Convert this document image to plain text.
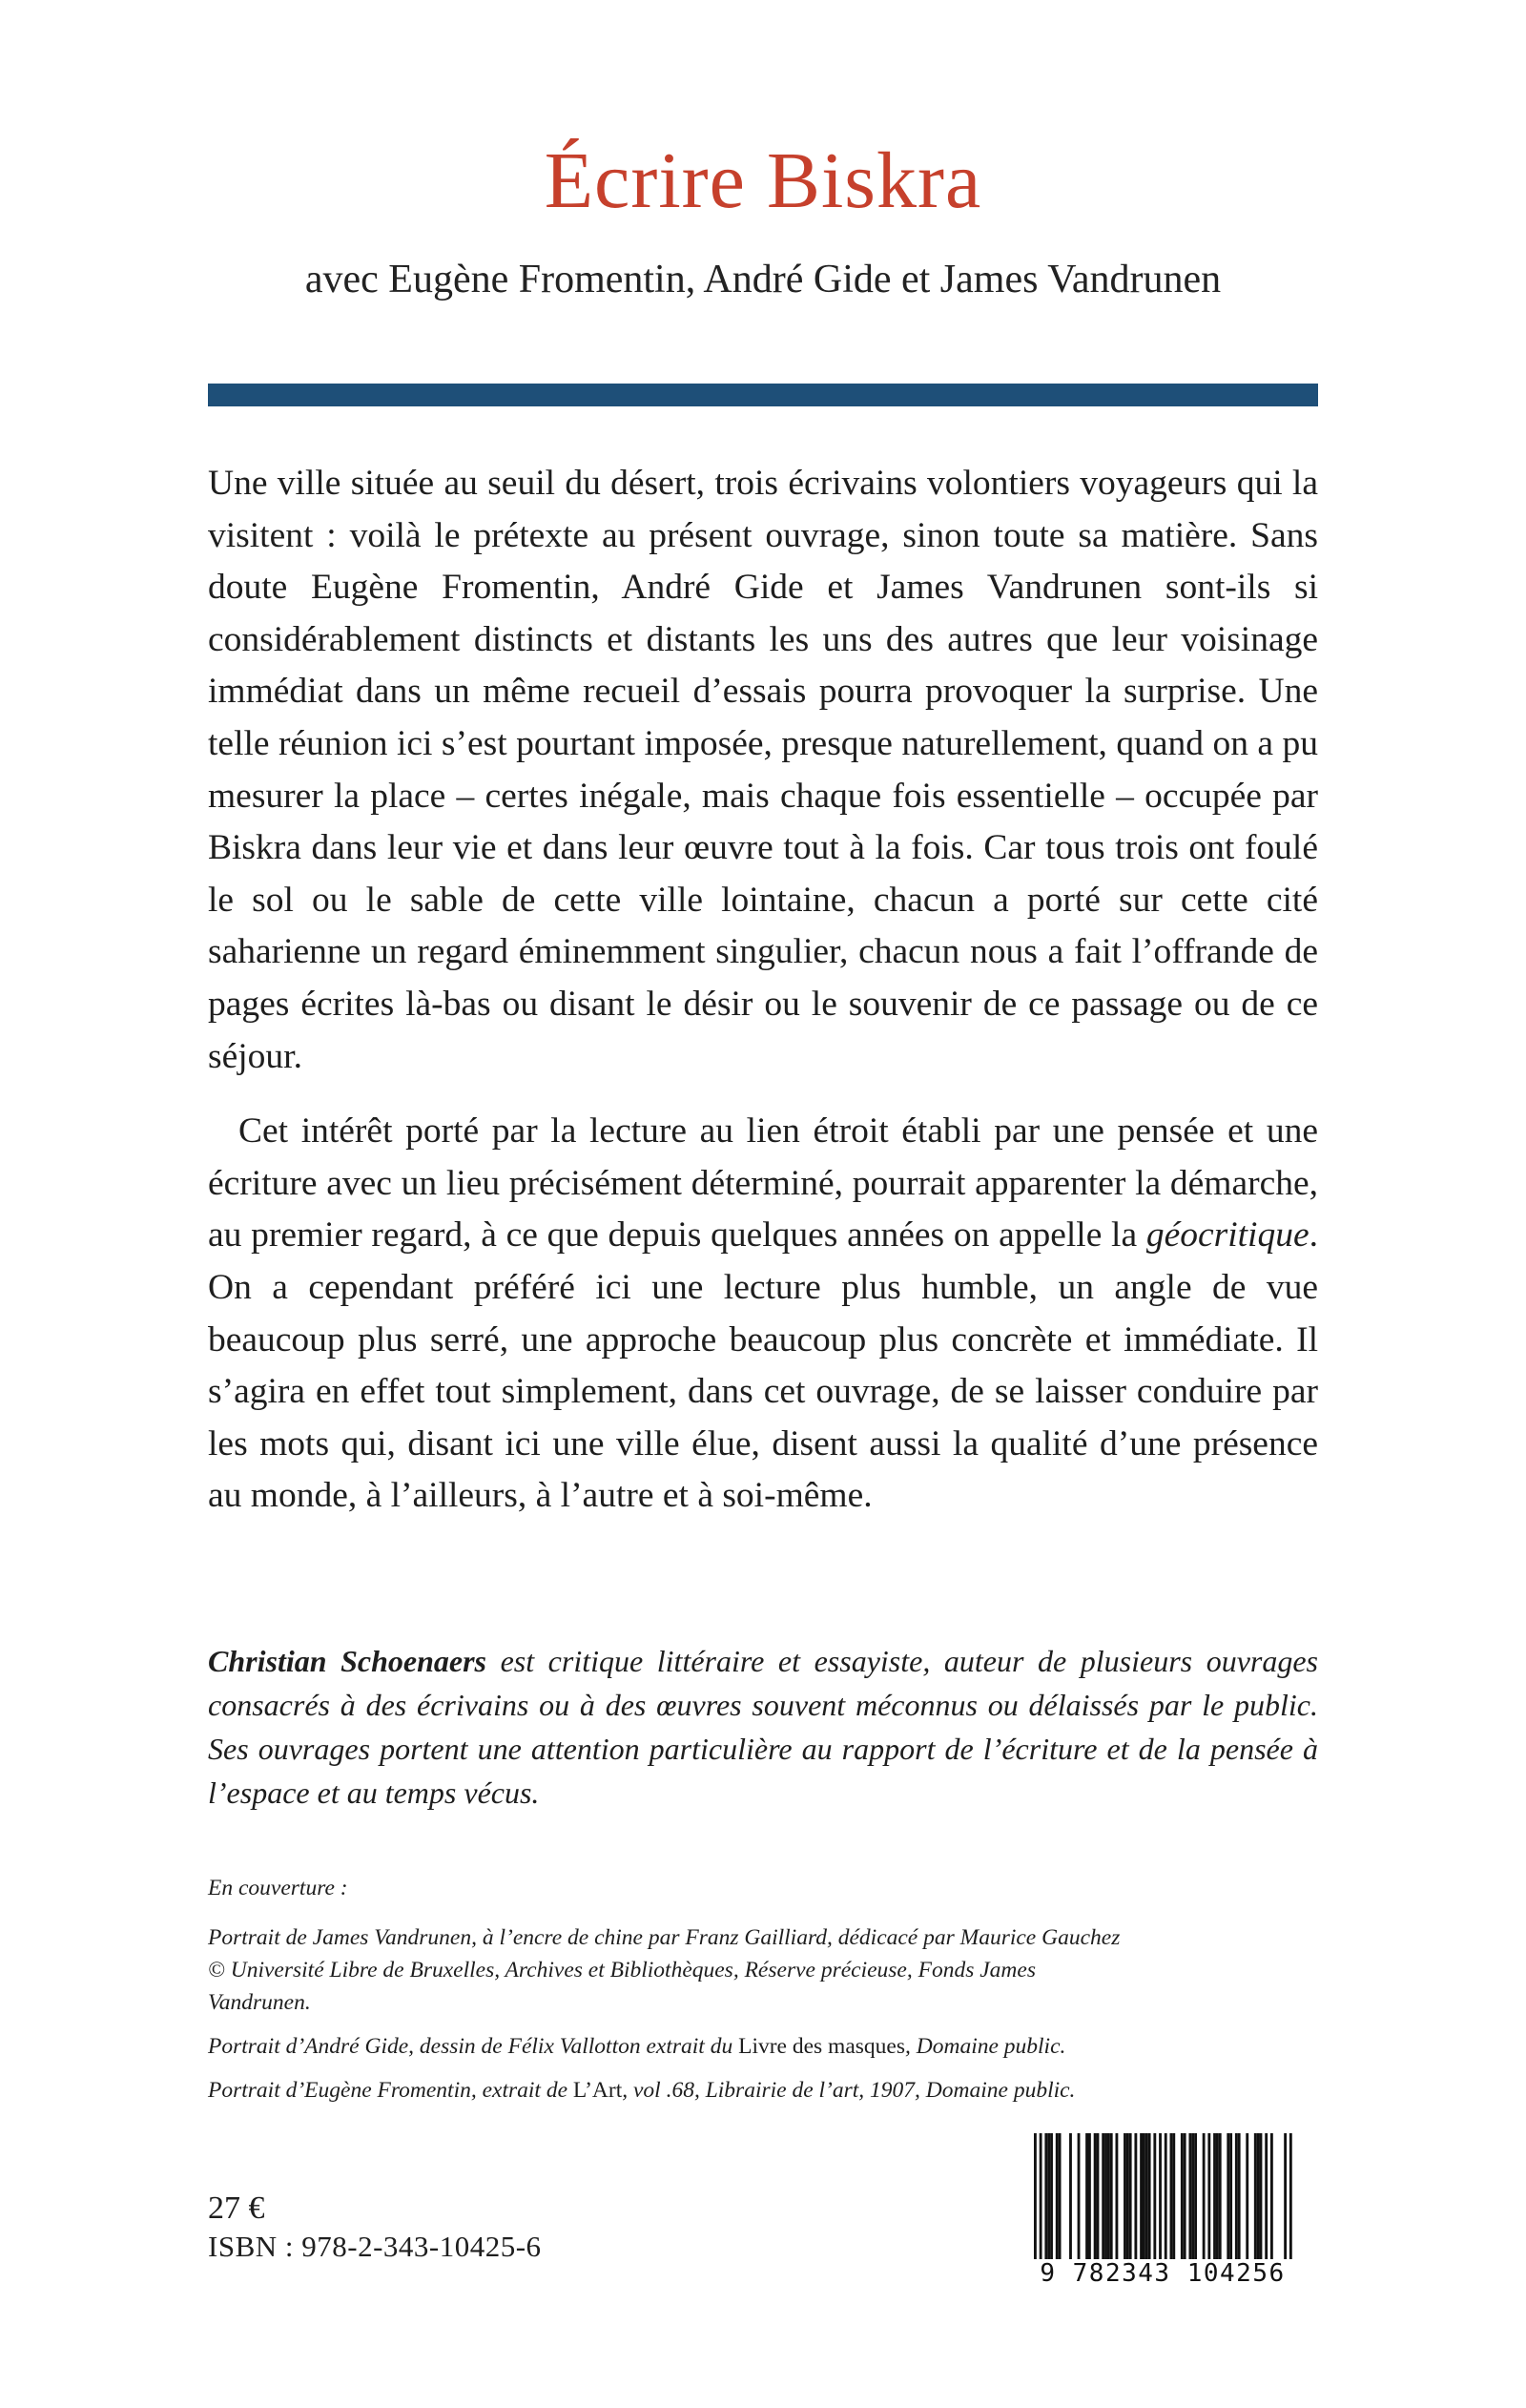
Écrire Biskra
avec Eugène Fromentin, André Gide et James Vandrunen

Une ville située au seuil du désert, trois écrivains volontiers voyageurs qui la visitent : voilà le prétexte au présent ouvrage, sinon toute sa matière. Sans doute Eugène Fromentin, André Gide et James Vandrunen sont-ils si considérablement distincts et distants les uns des autres que leur voisinage immédiat dans un même recueil d’essais pourra provoquer la surprise. Une telle réunion ici s’est pourtant imposée, presque naturellement, quand on a pu mesurer la place – certes inégale, mais chaque fois essentielle – occupée par Biskra dans leur vie et dans leur œuvre tout à la fois. Car tous trois ont foulé le sol ou le sable de cette ville lointaine, chacun a porté sur cette cité saharienne un regard éminemment singulier, chacun nous a fait l’offrande de pages écrites là-bas ou disant le désir ou le souvenir de ce passage ou de ce séjour.

Cet intérêt porté par la lecture au lien étroit établi par une pensée et une écriture avec un lieu précisément déterminé, pourrait apparenter la démarche, au premier regard, à ce que depuis quelques années on appelle la géocritique. On a cependant préféré ici une lecture plus humble, un angle de vue beaucoup plus serré, une approche beaucoup plus concrète et immédiate. Il s’agira en effet tout simplement, dans cet ouvrage, de se laisser conduire par les mots qui, disant ici une ville élue, disent aussi la qualité d’une présence au monde, à l’ailleurs, à l’autre et à soi-même.

Christian Schoenaers est critique littéraire et essayiste, auteur de plusieurs ouvrages consacrés à des écrivains ou à des œuvres souvent méconnus ou délaissés par le public. Ses ouvrages portent une attention particulière au rapport de l’écriture et de la pensée à l’espace et au temps vécus.

En couverture :

Portrait de James Vandrunen, à l’encre de chine par Franz Gailliard, dédicacé par Maurice Gauchez © Université Libre de Bruxelles, Archives et Bibliothèques, Réserve précieuse, Fonds James Vandrunen.

Portrait d’André Gide, dessin de Félix Vallotton extrait du Livre des masques, Domaine public.

Portrait d’Eugène Fromentin, extrait de L’Art, vol .68, Librairie de l’art, 1907, Domaine public.

27 €
ISBN : 978-2-343-10425-6
9 782343 104256
